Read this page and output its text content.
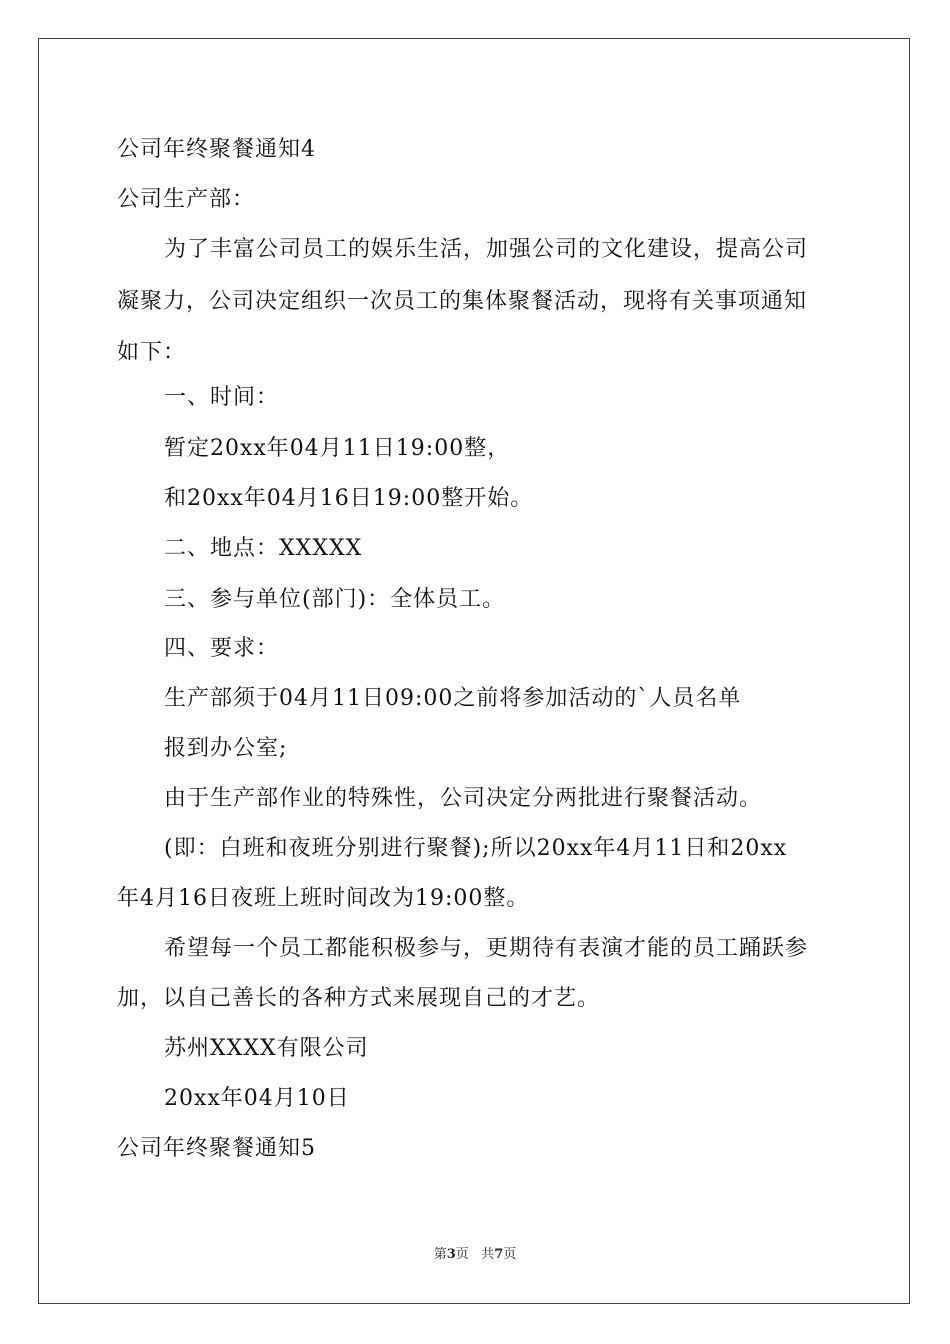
公司年终聚餐通知4
公司生产部：
为了丰富公司员工的娱乐生活，加强公司的文化建设，提高公司
凝聚力，公司决定组织一次员工的集体聚餐活动，现将有关事项通知
如下：
一、时间：
暂定20xx年04月11日19:00整，
和20xx年04月16日19:00整开始。
二、地点：XXXXX
三、参与单位(部门)：全体员工。
四、要求：
生产部须于04月11日09:00之前将参加活动的`人员名单
报到办公室;
由于生产部作业的特殊性，公司决定分两批进行聚餐活动。
(即：白班和夜班分别进行聚餐);所以20xx年4月11日和20xx
年4月16日夜班上班时间改为19:00整。
希望每一个员工都能积极参与，更期待有表演才能的员工踊跃参
加，以自己善长的各种方式来展现自己的才艺。
苏州XXXX有限公司
20xx年04月10日
公司年终聚餐通知5
第3页 共7页
